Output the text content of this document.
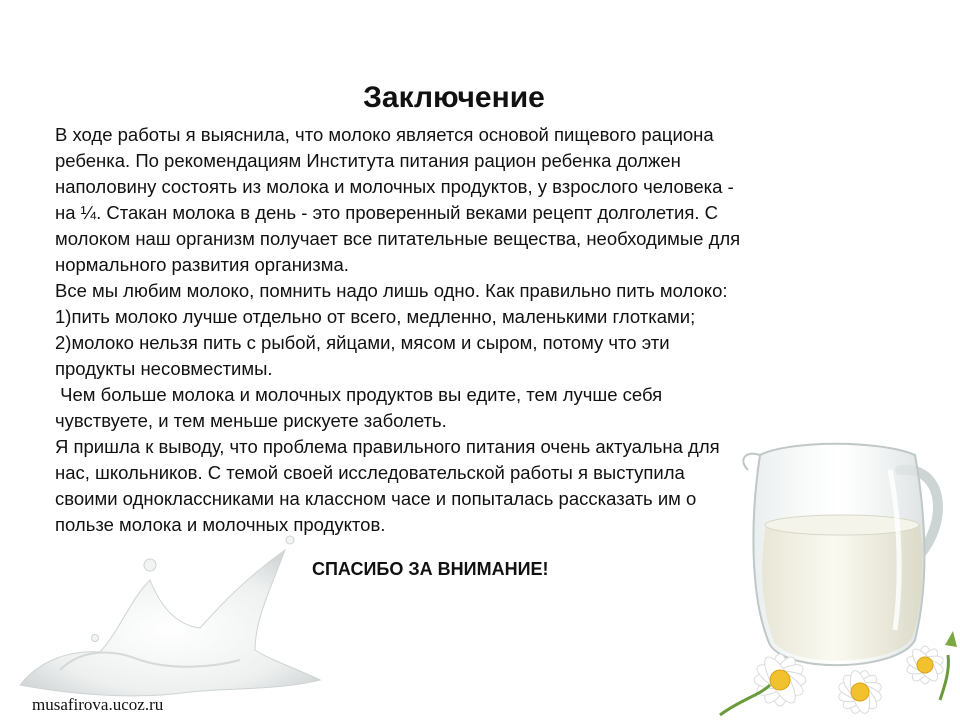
Заключение
В ходе работы я выяснила, что молоко является основой пищевого рациона
ребенка. По рекомендациям Института питания рацион ребенка должен
наполовину состоять из молока и молочных продуктов, у взрослого человека -
на ¼. Стакан молока в день - это проверенный веками рецепт долголетия. С
молоком наш организм получает все питательные вещества, необходимые для
нормального развития организма.
Все мы любим молоко, помнить надо лишь одно. Как правильно пить молоко:
1)пить молоко лучше отдельно от всего, медленно, маленькими глотками;
2)молоко нельзя пить с рыбой, яйцами, мясом и сыром, потому что эти
продукты несовместимы.
Чем больше молока и молочных продуктов вы едите, тем лучше себя
чувствуете, и тем меньше рискуете заболеть.
Я пришла к выводу, что проблема правильного питания очень актуальна для
нас, школьников. С темой своей исследовательской работы я выступила
своими одноклассниками на классном часе и попыталась рассказать им о
пользе молока и молочных продуктов.
СПАСИБО ЗА ВНИМАНИЕ!
musafirova.ucoz.ru
